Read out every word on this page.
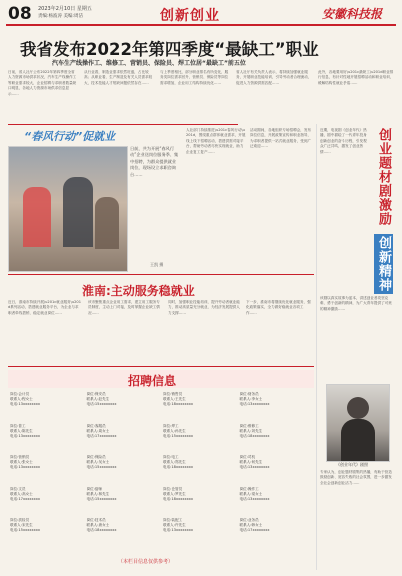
08 2023年2月10日 星期五
责编:杨波涛 美编:周洁	创新创业	安徽科技报
我省发布2022年第四季度“最缺工”职业
汽车生产线操作工、维修工、营销员、保险员、焊工位居“最缺工”前五位
日前，省人社厅公布2022年第四季度全省人力资源市场供求状况，汽车生产线操作工等职业需求较大，企业招聘与求职者数量缺口明显，各地人力资源市场供求信息显示……
从行业看，制造业需求依然旺盛，占比较高；从职业看，生产制造及有关人员需求较大，技术技能人才短缺问题依然存在……
与上季度相比，部分职业排名有所变化，服务类岗位需求回升，营销员、保险员等岗位需求增加，企业用工结构持续优化……
省人社厅有关负责人表示，将持续加强就业服务，开展职业技能培训，引导劳动者合理流动，促进人力资源供需匹配……
此外，各地要用好\u201c最缺工\u201d职业排行信息，有针对性地开展招聘活动和职业培训，缓解结构性就业矛盾……
“春风行动”促就业
日前，共为开展“春风行动”企业送岗位服务季、集中招聘，为群众提供就业岗位，现场设立求职咨询台……
王凯 摄
人社部门持续推进\u201c春风行动\u201d，围绕重点群体就业需求，开展线上线下招聘活动，搭建供需对接平台，帮助劳动者尽快实现就业，助力企业复工复产……
活动期间，各地组织专场招聘会，发布岗位信息，开展政策宣传和职业指导，为求职者提供一站式就业服务，受到广泛欢迎……
淮南:主动服务稳就业
近日，淮南市持续开展\u201c就业服务\u201d系列活动，搭建就业服务平台，为企业与求职者牵线搭桥，稳定就业岗位……
该市聚焦重点企业用工需求，建立用工服务专员制度，主动上门对接，及时掌握企业缺工情况……
同时，加强职业技能培训，提升劳动者就业能力，推动高质量充分就业，为经济发展提供人力支撑……
下一步，淮南市将继续优化就业服务，强化政策落实，全力做好稳就业各项工作……
招聘信息
岗位:会计员
联系人:程女士
电话:13xxxxxxxx
岗位:保安员
联系人:赵先生
电话:15xxxxxxxx
岗位:销售员
联系人:王先生
电话:18xxxxxxxx
岗位:财务员
联系人:李女士
电话:13xxxxxxxx
岗位:普工
联系人:陈先生
电话:13xxxxxxxx
岗位:客服员
联系人:周女士
电话:17xxxxxxxx
岗位:焊工
联系人:孙先生
电话:15xxxxxxxx
岗位:维修工
联系人:刘先生
电话:18xxxxxxxx
岗位:营销员
联系人:张女士
电话:13xxxxxxxx
岗位:保险员
联系人:吴女士
电话:15xxxxxxxx
岗位:电工
联系人:郑先生
电话:18xxxxxxxx
岗位:司机
联系人:何先生
电话:13xxxxxxxx
岗位:文员
联系人:高女士
电话:17xxxxxxxx
岗位:厨师
联系人:林先生
电话:15xxxxxxxx
岗位:仓管员
联系人:罗先生
电话:18xxxxxxxx
岗位:操作工
联系人:梁女士
电话:13xxxxxxxx
岗位:质检员
联系人:宋先生
电话:15xxxxxxxx
岗位:技术员
联系人:唐女士
电话:18xxxxxxxx
岗位:装配工
联系人:许先生
电话:13xxxxxxxx
岗位:业务员
联系人:韩女士
电话:17xxxxxxxx
（本栏目信息仅供参考）
近期，电视剧《创业年代》热播，剧中描绘了一代青年投身创新创业的奋斗历程，引发观众广泛共鸣，激发了创业热情……	创业题材剧激励
创新精神
该剧以真实故事为蓝本，讲述创业者攻坚克难、勇于创新的精神，为广大青年提供了可贵的精神激励……
《创业年代》剧照
专家认为，创业题材剧集的热播，有助于营造鼓励创新、宽容失败的社会氛围，进一步激发全社会创新创业活力……
